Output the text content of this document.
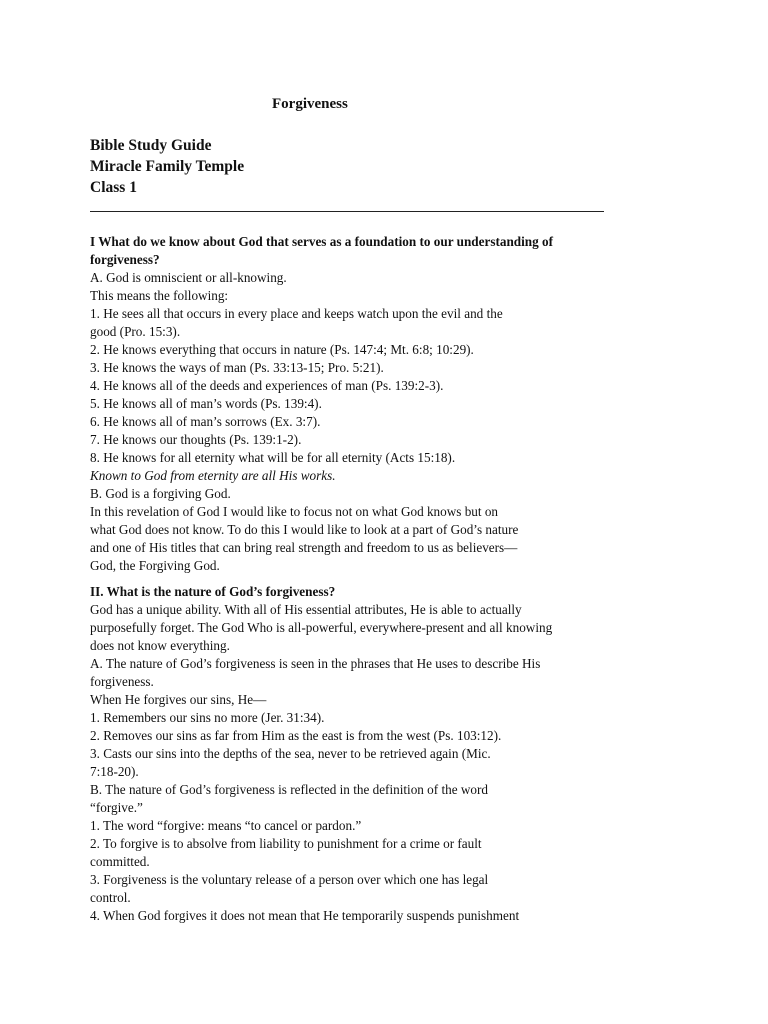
Forgiveness
Bible Study Guide
Miracle Family Temple
Class 1
I What do we know about God that serves as a foundation to our understanding of
forgiveness?
A. God is omniscient or all-knowing.
This means the following:
1. He sees all that occurs in every place and keeps watch upon the evil and the
good (Pro. 15:3).
2. He knows everything that occurs in nature (Ps. 147:4; Mt. 6:8; 10:29).
3. He knows the ways of man (Ps. 33:13-15; Pro. 5:21).
4. He knows all of the deeds and experiences of man (Ps. 139:2-3).
5. He knows all of man’s words (Ps. 139:4).
6. He knows all of man’s sorrows (Ex. 3:7).
7. He knows our thoughts (Ps. 139:1-2).
8. He knows for all eternity what will be for all eternity (Acts 15:18).
Known to God from eternity are all His works.
B. God is a forgiving God.
In this revelation of God I would like to focus not on what God knows but on
what God does not know. To do this I would like to look at a part of God’s nature
and one of His titles that can bring real strength and freedom to us as believers—
God, the Forgiving God.
II. What is the nature of God’s forgiveness?
God has a unique ability. With all of His essential attributes, He is able to actually
purposefully forget. The God Who is all-powerful, everywhere-present and all knowing
does not know everything.
A. The nature of God’s forgiveness is seen in the phrases that He uses to describe His
forgiveness.
When He forgives our sins, He—
1. Remembers our sins no more (Jer. 31:34).
2. Removes our sins as far from Him as the east is from the west (Ps. 103:12).
3. Casts our sins into the depths of the sea, never to be retrieved again (Mic.
7:18-20).
B. The nature of God’s forgiveness is reflected in the definition of the word
“forgive.”
1. The word “forgive: means “to cancel or pardon.”
2. To forgive is to absolve from liability to punishment for a crime or fault
committed.
3. Forgiveness is the voluntary release of a person over which one has legal
control.
4. When God forgives it does not mean that He temporarily suspends punishment
